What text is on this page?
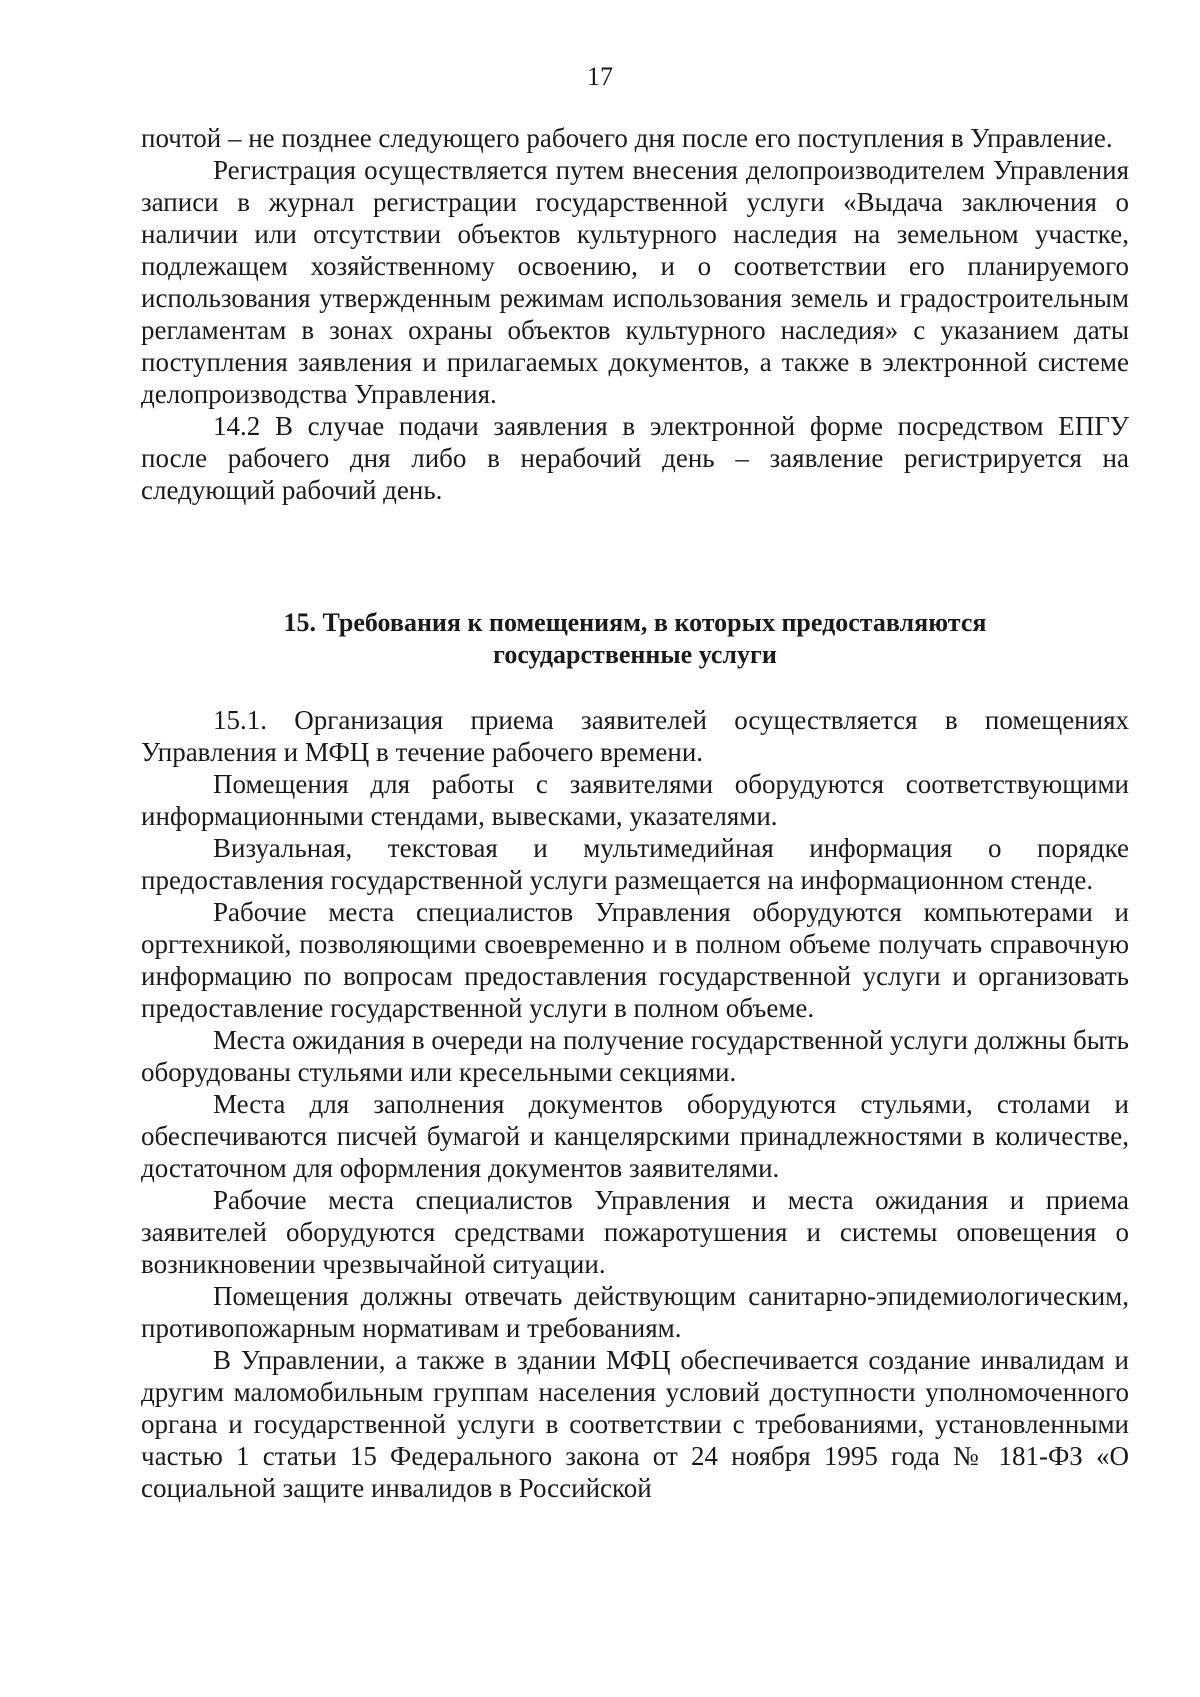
17

почтой – не позднее следующего рабочего дня после его поступления в Управление.

Регистрация осуществляется путем внесения делопроизводителем Управления записи в журнал регистрации государственной услуги «Выдача заключения о наличии или отсутствии объектов культурного наследия на земельном участке, подлежащем хозяйственному освоению, и о соответствии его планируемого использования утвержденным режимам использования земель и градостроительным регламентам в зонах охраны объектов культурного наследия» с указанием даты поступления заявления и прилагаемых документов, а также в электронной системе делопроизводства Управления.

14.2 В случае подачи заявления в электронной форме посредством ЕПГУ после рабочего дня либо в нерабочий день – заявление регистрируется на следующий рабочий день.

15. Требования к помещениям, в которых предоставляются государственные услуги

15.1. Организация приема заявителей осуществляется в помещениях Управления и МФЦ в течение рабочего времени.

Помещения для работы с заявителями оборудуются соответствующими информационными стендами, вывесками, указателями.

Визуальная, текстовая и мультимедийная информация о порядке предоставления государственной услуги размещается на информационном стенде.

Рабочие места специалистов Управления оборудуются компьютерами и оргтехникой, позволяющими своевременно и в полном объеме получать справочную информацию по вопросам предоставления государственной услуги и организовать предоставление государственной услуги в полном объеме.

Места ожидания в очереди на получение государственной услуги должны быть оборудованы стульями или кресельными секциями.

Места для заполнения документов оборудуются стульями, столами и обеспечиваются писчей бумагой и канцелярскими принадлежностями в количестве, достаточном для оформления документов заявителями.

Рабочие места специалистов Управления и места ожидания и приема заявителей оборудуются средствами пожаротушения и системы оповещения о возникновении чрезвычайной ситуации.

Помещения должны отвечать действующим санитарно-эпидемиологическим, противопожарным нормативам и требованиям.

В Управлении, а также в здании МФЦ обеспечивается создание инвалидам и другим маломобильным группам населения условий доступности уполномоченного органа и государственной услуги в соответствии с требованиями, установленными частью 1 статьи 15 Федерального закона от 24 ноября 1995 года № 181-ФЗ «О социальной защите инвалидов в Российской
